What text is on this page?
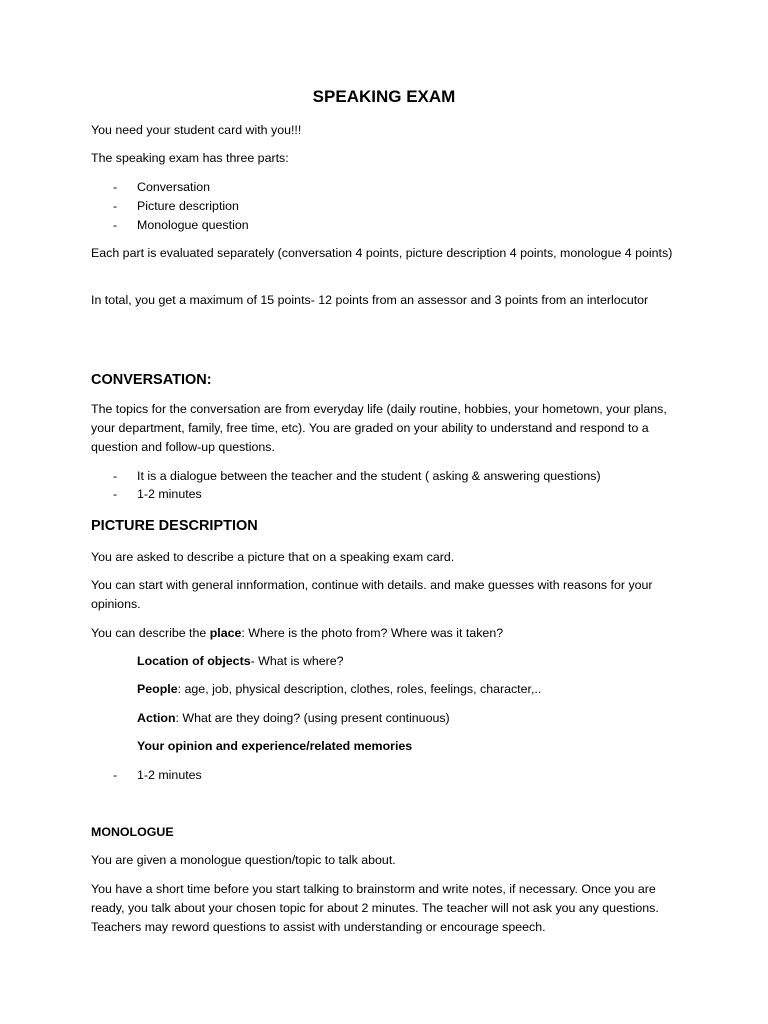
SPEAKING EXAM

You need your student card with you!!!

The speaking exam has three parts:

- Conversation
- Picture description
- Monologue question

Each part is evaluated separately (conversation 4 points, picture description 4 points, monologue 4 points)

In total, you get a maximum of 15 points- 12 points from an assessor and 3 points from an interlocutor

CONVERSATION:

The topics for the conversation are from everyday life (daily routine, hobbies, your hometown, your plans, your department, family, free time, etc). You are graded on your ability to understand and respond to a question and follow-up questions.

- It is a dialogue between the teacher and the student ( asking & answering questions)
- 1-2 minutes
PICTURE DESCRIPTION

You are asked to describe a picture that on a speaking exam card.

You can start with general innformation, continue with details. and make guesses with reasons for your opinions.

You can describe the place: Where is the photo from? Where was it taken?

Location of objects- What is where?

People: age, job, physical description, clothes, roles, feelings, character,..

Action: What are they doing? (using present continuous)

Your opinion and experience/related memories

- 1-2 minutes
MONOLOGUE

You are given a monologue question/topic to talk about.

You have a short time before you start talking to brainstorm and write notes, if necessary. Once you are ready, you talk about your chosen topic for about 2 minutes. The teacher will not ask you any questions. Teachers may reword questions to assist with understanding or encourage speech.
